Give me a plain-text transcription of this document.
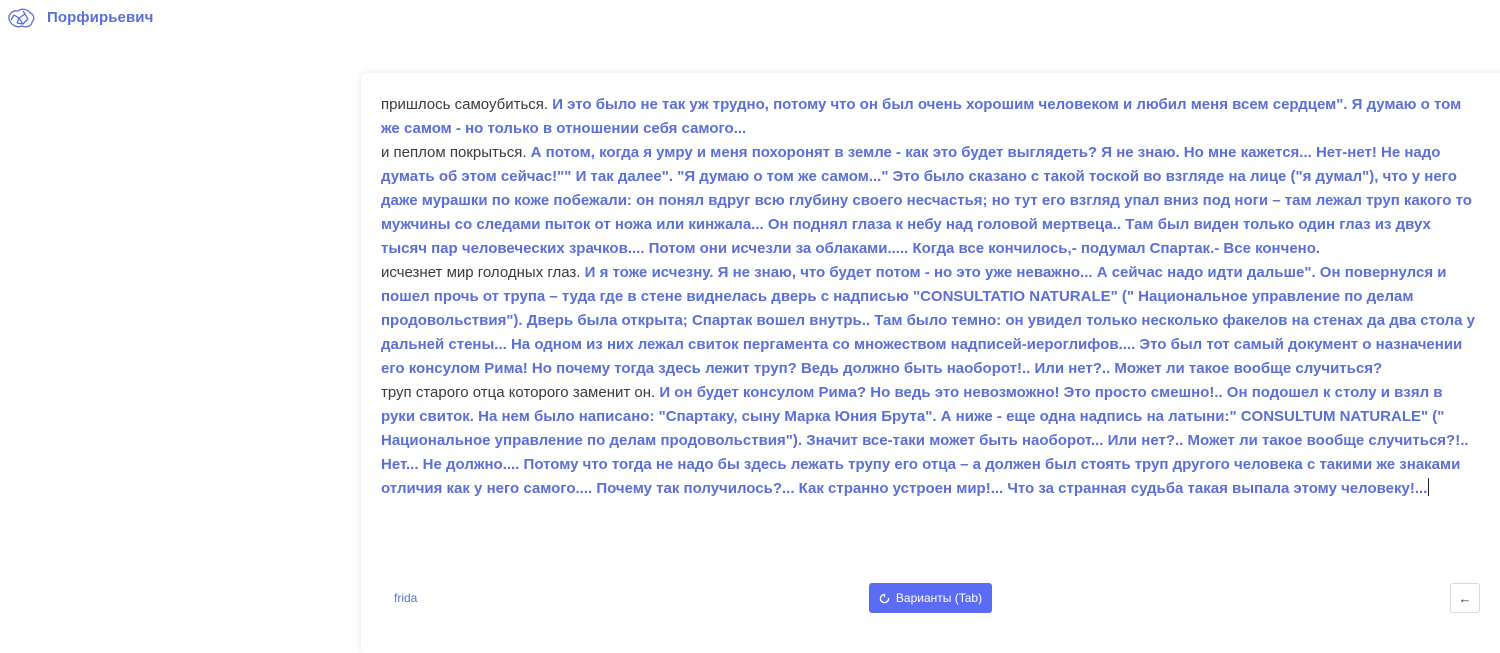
Порфирьевич

пришлось самоубиться. И это было не так уж трудно, потому что он был очень хорошим человеком и любил меня всем сердцем". Я думаю о том же самом - но только в отношении себя самого...

и пеплом покрыться. А потом, когда я умру и меня похоронят в земле - как это будет выглядеть? Я не знаю. Но мне кажется... Нет-нет! Не надо думать об этом сейчас!"" И так далее". "Я думаю о том же самом..." Это было сказано с такой тоской во взгляде на лице ("я думал"), что у него даже мурашки по коже побежали: он понял вдруг всю глубину своего несчастья; но тут его взгляд упал вниз под ноги – там лежал труп какого то мужчины со следами пыток от ножа или кинжала... Он поднял глаза к небу над головой мертвеца.. Там был виден только один глаз из двух тысяч пар человеческих зрачков.... Потом они исчезли за облаками..... Когда все кончилось,- подумал Спартак.- Все кончено.

исчезнет мир голодных глаз. И я тоже исчезну. Я не знаю, что будет потом - но это уже неважно... А сейчас надо идти дальше". Он повернулся и пошел прочь от трупа – туда где в стене виднелась дверь с надписью "CONSULTATIO NATURALE" (" Национальное управление по делам продовольствия"). Дверь была открыта; Спартак вошел внутрь.. Там было темно: он увидел только несколько факелов на стенах да два стола у дальней стены... На одном из них лежал свиток пергамента со множеством надписей-иероглифов.... Это был тот самый документ о назначении его консулом Рима! Но почему тогда здесь лежит труп? Ведь должно быть наоборот!.. Или нет?.. Может ли такое вообще случиться?

труп старого отца которого заменит он. И он будет консулом Рима? Но ведь это невозможно! Это просто смешно!.. Он подошел к столу и взял в руки свиток. На нем было написано: "Спартаку, сыну Марка Юния Брута". А ниже - еще одна надпись на латыни:" CONSULTUM NATURALE" (" Национальное управление по делам продовольствия"). Значит все-таки может быть наоборот... Или нет?.. Может ли такое вообще случиться?!.. Нет... Не должно.... Потому что тогда не надо бы здесь лежать трупу его отца – а должен был стоять труп другого человека с такими же знаками отличия как у него самого.... Почему так получилось?... Как странно устроен мир!... Что за странная судьба такая выпала этому человеку!...

frida	Варианты (Tab)	←
